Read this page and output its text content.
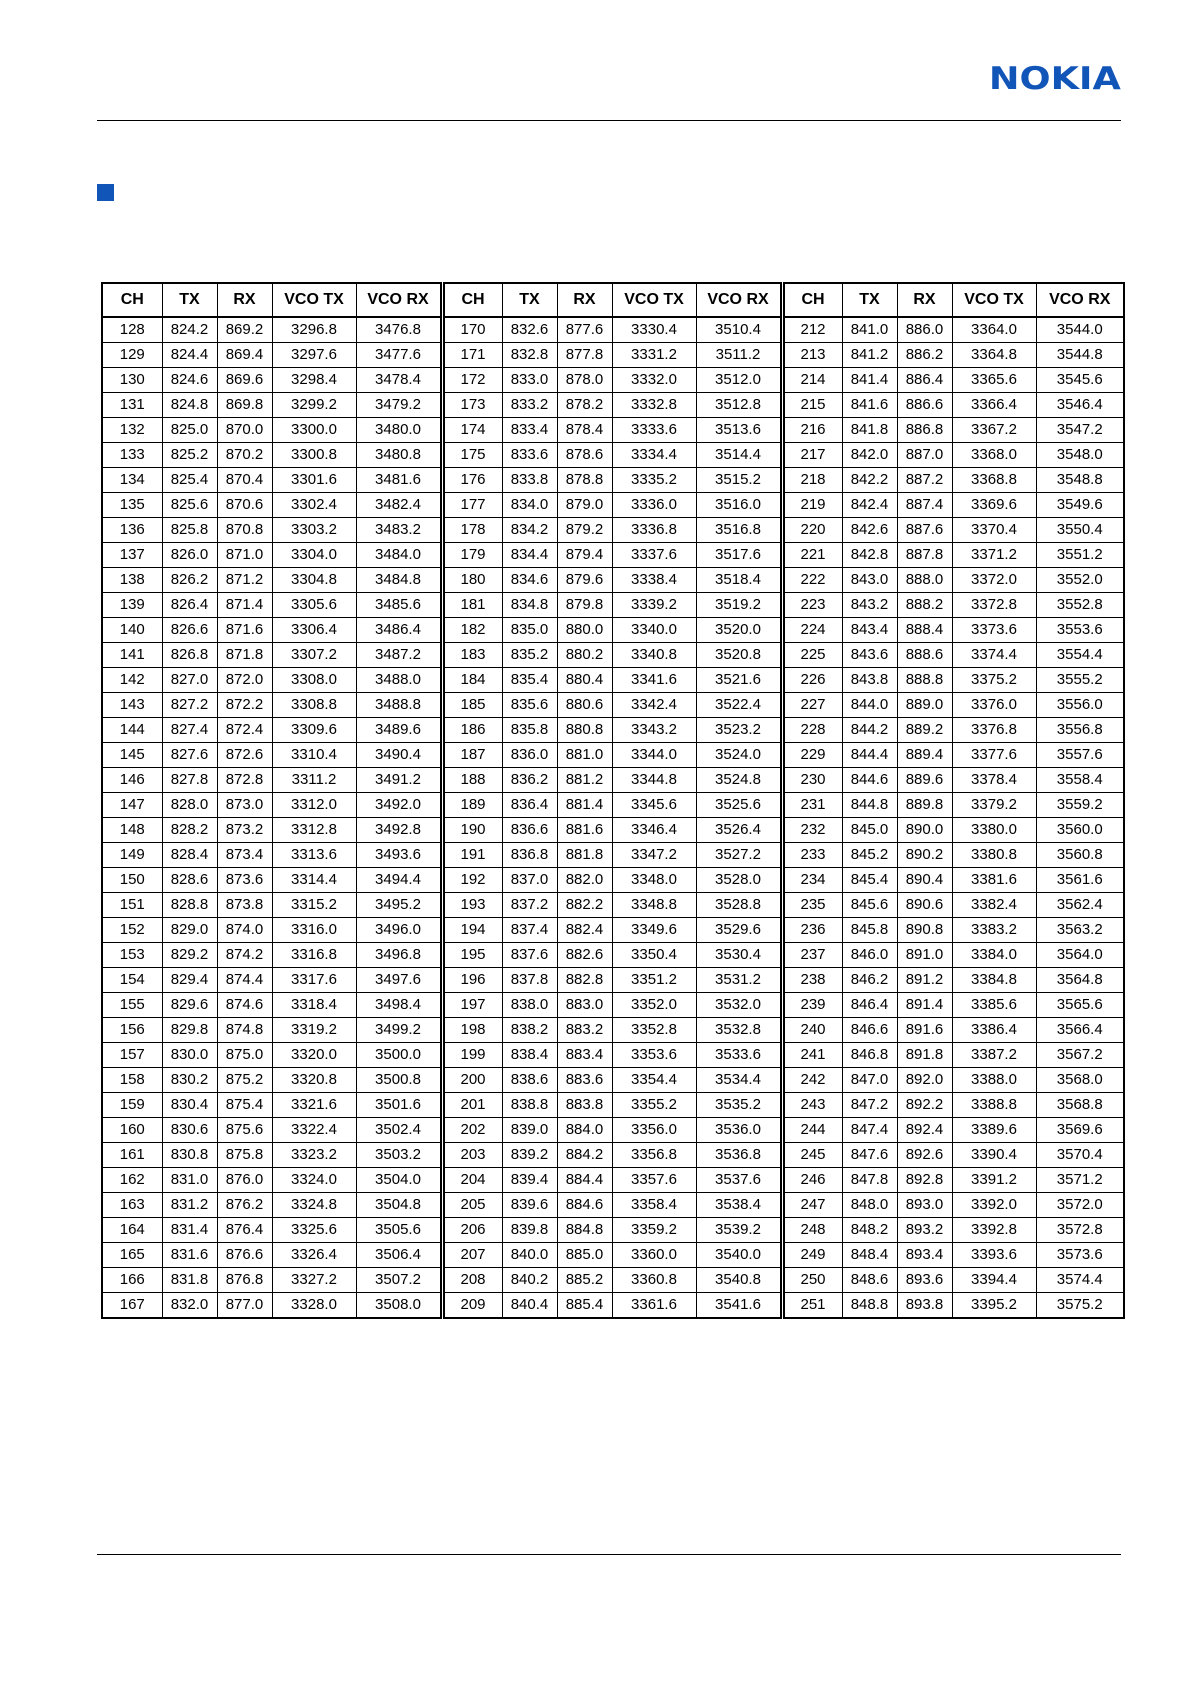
NOKIA
CH	TX	RX	VCO TX	VCO RX	CH	TX	RX	VCO TX	VCO RX	CH	TX	RX	VCO TX	VCO RX
128	824.2	869.2	3296.8	3476.8	170	832.6	877.6	3330.4	3510.4	212	841.0	886.0	3364.0	3544.0
129	824.4	869.4	3297.6	3477.6	171	832.8	877.8	3331.2	3511.2	213	841.2	886.2	3364.8	3544.8
130	824.6	869.6	3298.4	3478.4	172	833.0	878.0	3332.0	3512.0	214	841.4	886.4	3365.6	3545.6
131	824.8	869.8	3299.2	3479.2	173	833.2	878.2	3332.8	3512.8	215	841.6	886.6	3366.4	3546.4
132	825.0	870.0	3300.0	3480.0	174	833.4	878.4	3333.6	3513.6	216	841.8	886.8	3367.2	3547.2
133	825.2	870.2	3300.8	3480.8	175	833.6	878.6	3334.4	3514.4	217	842.0	887.0	3368.0	3548.0
134	825.4	870.4	3301.6	3481.6	176	833.8	878.8	3335.2	3515.2	218	842.2	887.2	3368.8	3548.8
135	825.6	870.6	3302.4	3482.4	177	834.0	879.0	3336.0	3516.0	219	842.4	887.4	3369.6	3549.6
136	825.8	870.8	3303.2	3483.2	178	834.2	879.2	3336.8	3516.8	220	842.6	887.6	3370.4	3550.4
137	826.0	871.0	3304.0	3484.0	179	834.4	879.4	3337.6	3517.6	221	842.8	887.8	3371.2	3551.2
138	826.2	871.2	3304.8	3484.8	180	834.6	879.6	3338.4	3518.4	222	843.0	888.0	3372.0	3552.0
139	826.4	871.4	3305.6	3485.6	181	834.8	879.8	3339.2	3519.2	223	843.2	888.2	3372.8	3552.8
140	826.6	871.6	3306.4	3486.4	182	835.0	880.0	3340.0	3520.0	224	843.4	888.4	3373.6	3553.6
141	826.8	871.8	3307.2	3487.2	183	835.2	880.2	3340.8	3520.8	225	843.6	888.6	3374.4	3554.4
142	827.0	872.0	3308.0	3488.0	184	835.4	880.4	3341.6	3521.6	226	843.8	888.8	3375.2	3555.2
143	827.2	872.2	3308.8	3488.8	185	835.6	880.6	3342.4	3522.4	227	844.0	889.0	3376.0	3556.0
144	827.4	872.4	3309.6	3489.6	186	835.8	880.8	3343.2	3523.2	228	844.2	889.2	3376.8	3556.8
145	827.6	872.6	3310.4	3490.4	187	836.0	881.0	3344.0	3524.0	229	844.4	889.4	3377.6	3557.6
146	827.8	872.8	3311.2	3491.2	188	836.2	881.2	3344.8	3524.8	230	844.6	889.6	3378.4	3558.4
147	828.0	873.0	3312.0	3492.0	189	836.4	881.4	3345.6	3525.6	231	844.8	889.8	3379.2	3559.2
148	828.2	873.2	3312.8	3492.8	190	836.6	881.6	3346.4	3526.4	232	845.0	890.0	3380.0	3560.0
149	828.4	873.4	3313.6	3493.6	191	836.8	881.8	3347.2	3527.2	233	845.2	890.2	3380.8	3560.8
150	828.6	873.6	3314.4	3494.4	192	837.0	882.0	3348.0	3528.0	234	845.4	890.4	3381.6	3561.6
151	828.8	873.8	3315.2	3495.2	193	837.2	882.2	3348.8	3528.8	235	845.6	890.6	3382.4	3562.4
152	829.0	874.0	3316.0	3496.0	194	837.4	882.4	3349.6	3529.6	236	845.8	890.8	3383.2	3563.2
153	829.2	874.2	3316.8	3496.8	195	837.6	882.6	3350.4	3530.4	237	846.0	891.0	3384.0	3564.0
154	829.4	874.4	3317.6	3497.6	196	837.8	882.8	3351.2	3531.2	238	846.2	891.2	3384.8	3564.8
155	829.6	874.6	3318.4	3498.4	197	838.0	883.0	3352.0	3532.0	239	846.4	891.4	3385.6	3565.6
156	829.8	874.8	3319.2	3499.2	198	838.2	883.2	3352.8	3532.8	240	846.6	891.6	3386.4	3566.4
157	830.0	875.0	3320.0	3500.0	199	838.4	883.4	3353.6	3533.6	241	846.8	891.8	3387.2	3567.2
158	830.2	875.2	3320.8	3500.8	200	838.6	883.6	3354.4	3534.4	242	847.0	892.0	3388.0	3568.0
159	830.4	875.4	3321.6	3501.6	201	838.8	883.8	3355.2	3535.2	243	847.2	892.2	3388.8	3568.8
160	830.6	875.6	3322.4	3502.4	202	839.0	884.0	3356.0	3536.0	244	847.4	892.4	3389.6	3569.6
161	830.8	875.8	3323.2	3503.2	203	839.2	884.2	3356.8	3536.8	245	847.6	892.6	3390.4	3570.4
162	831.0	876.0	3324.0	3504.0	204	839.4	884.4	3357.6	3537.6	246	847.8	892.8	3391.2	3571.2
163	831.2	876.2	3324.8	3504.8	205	839.6	884.6	3358.4	3538.4	247	848.0	893.0	3392.0	3572.0
164	831.4	876.4	3325.6	3505.6	206	839.8	884.8	3359.2	3539.2	248	848.2	893.2	3392.8	3572.8
165	831.6	876.6	3326.4	3506.4	207	840.0	885.0	3360.0	3540.0	249	848.4	893.4	3393.6	3573.6
166	831.8	876.8	3327.2	3507.2	208	840.2	885.2	3360.8	3540.8	250	848.6	893.6	3394.4	3574.4
167	832.0	877.0	3328.0	3508.0	209	840.4	885.4	3361.6	3541.6	251	848.8	893.8	3395.2	3575.2
